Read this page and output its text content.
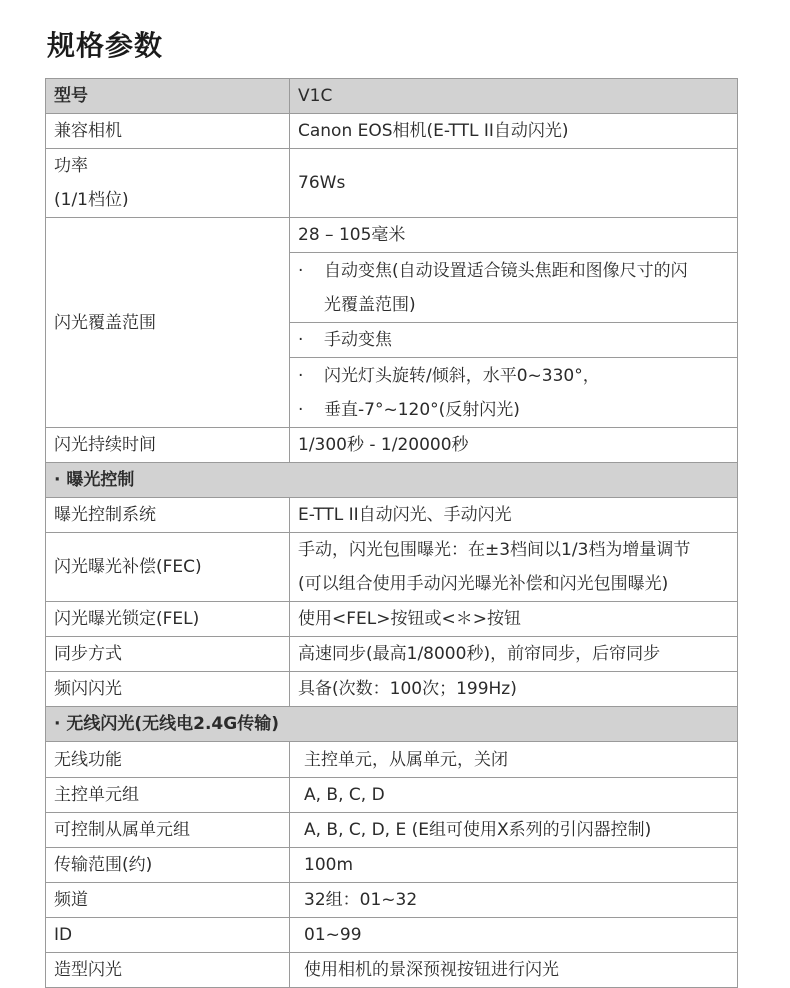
规格参数
型号	V1C
兼容相机	Canon EOS相机(E-TTL II自动闪光)

功率
(1/1档位)	76Ws
闪光覆盖范围	28 – 105毫米

	· 自动变焦(自动设置适合镜头焦距和图像尺寸的闪
光覆盖范围)

	· 手动变焦

	· 闪光灯头旋转/倾斜，水平0~330°，
· 垂直-7°~120°(反射闪光)

闪光持续时间	1/300秒 - 1/20000秒
· 曝光控制	
曝光控制系统	E-TTL II自动闪光、手动闪光
闪光曝光补偿(FEC)	手动，闪光包围曝光：在±3档间以1/3档为增量调节
(可以组合使用手动闪光曝光补偿和闪光包围曝光)

闪光曝光锁定(FEL)	使用<FEL>按钮或<＊>按钮
同步方式	高速同步(最高1/8000秒)，前帘同步，后帘同步
频闪闪光	具备(次数：100次；199Hz)
· 无线闪光(无线电2.4G传输)	
无线功能	主控单元，从属单元，关闭
主控单元组	A, B, C, D
可控制从属单元组	A, B, C, D, E (E组可使用X系列的引闪器控制)
传输范围(约)	100m
频道	32组：01~32
ID	01~99
造型闪光	使用相机的景深预视按钮进行闪光
